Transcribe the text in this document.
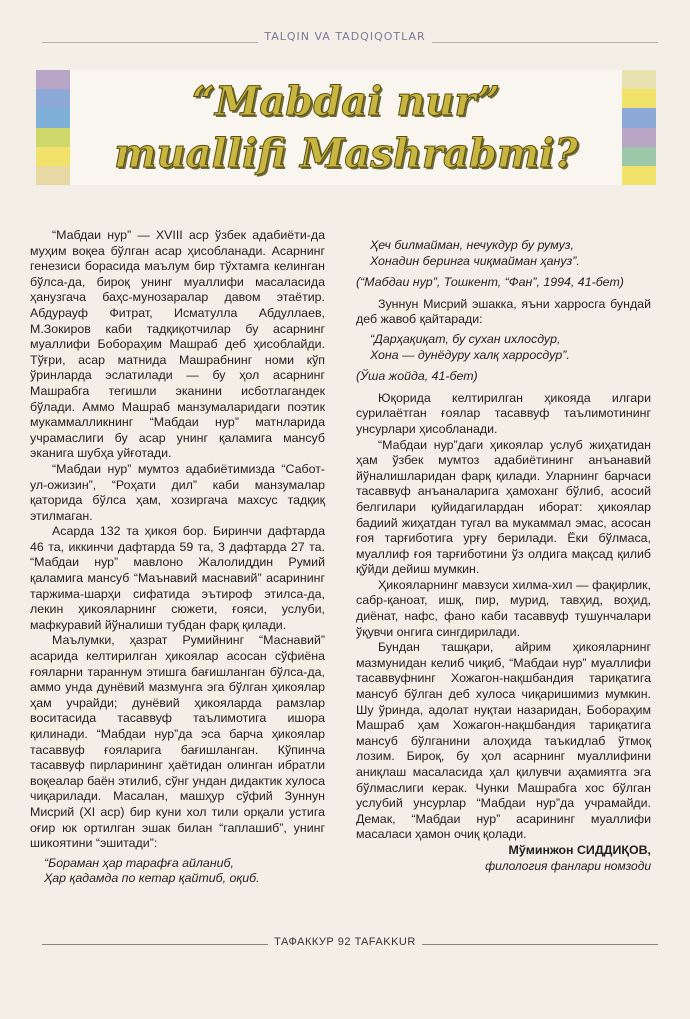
TALQIN VA TADQIQOTLAR
“Mabdai nur”
muallifi Mashrabmi?

“Мабдаи нур” — XVIII аср ўзбек адабиёти-да муҳим воқеа бўлган асар ҳисобланади. Асарнинг генезиси борасида маълум бир тўхтамга келинган бўлса-да, бироқ унинг муаллифи масаласида ҳанузгача баҳс-мунозаралар давом этаётир. Абдурауф Фитрат, Исматулла Абдуллаев, М.Зокиров каби тадқиқотчилар бу асарнинг муаллифи Бобораҳим Машраб деб ҳисоблайди. Тўғри, асар матнида Машрабнинг номи кўп ўринларда эслатилади — бу ҳол асарнинг Машрабга тегишли эканини исботлагандек бўлади. Аммо Машраб манзумаларидаги поэтик мукаммалликнинг “Мабдаи нур” матнларида учрамаслиги бу асар унинг қаламига мансуб эканига шубҳа уйғотади.

“Мабдаи нур” мумтоз адабиётимизда “Сабот-ул-ожизин”, “Роҳати дил” каби манзумалар қаторида бўлса ҳам, хозиргача махсус тадқиқ этилмаган.

Асарда 132 та ҳикоя бор. Биринчи дафтарда 46 та, иккинчи дафтарда 59 та, 3 дафтарда 27 та. “Мабдаи нур” мавлоно Жалолиддин Румий қаламига мансуб “Маънавий маснавий” асарининг таржима-шарҳи сифатида эътироф этилса-да, лекин ҳикояларнинг сюжети, ғояси, услуби, мафкуравий йўналиши тубдан фарқ қилади.

Маълумки, ҳазрат Румийнинг “Маснавий” асарида келтирилган ҳикоялар асосан сўфиёна ғояларни тараннум этишга бағишланган бўлса-да, аммо унда дунёвий мазмунга эга бўлган ҳикоялар ҳам учрайди; дунёвий ҳикояларда рамзлар воситасида тасаввуф таълимотига ишора қилинади. “Мабдаи нур”да эса барча ҳикоялар тасаввуф ғояларига бағишланган. Кўпинча тасаввуф пирларининг ҳаётидан олинган ибратли воқеалар баён этилиб, сўнг ундан дидактик хулоса чиқарилади. Масалан, машҳур сўфий Зуннун Мисрий (XI аср) бир куни хол тили орқали устига оғир юк ортилган эшак билан “гаплашиб”, унинг шикоятини “эшитади”:

“Бораман ҳар тарафға айланиб,
Ҳар қадамда по кетар қайтиб, оқиб.

Ҳеч билмайман, нечукдур бу румуз,
Хонадин беринга чиқмайман ҳануз”.

(“Мабдаи нур”, Тошкент, “Фан”, 1994, 41-бет)

Зуннун Мисрий эшакка, яъни харросга бундай деб жавоб қайтаради:

“Дарҳақиқат, бу сухан ихлосдур,
Хона — дунёдуру халқ харросдур”.

(Ўша жойда, 41-бет)

Юқорида келтирилган ҳикояда илгари сурилаётган ғоялар тасаввуф таълимотининг унсурлари ҳисобланади.

“Мабдаи нур”даги ҳикоялар услуб жиҳатидан ҳам ўзбек мумтоз адабиётининг анъанавий йўналишларидан фарқ қилади. Уларнинг барчаси тасаввуф анъаналарига ҳамоханг бўлиб, асосий белгилари қуйидагилардан иборат: ҳикоялар бадиий жиҳатдан тугал ва мукаммал эмас, асосан ғоя тарғиботига урғу берилади. Ёки бўлмаса, муаллиф ғоя тарғиботини ўз олдига мақсад қилиб қўйди дейиш мумкин.

Ҳикояларнинг мавзуси хилма-хил — фақирлик, сабр-қаноат, ишқ, пир, мурид, тавҳид, воҳид, диёнат, нафс, фано каби тасаввуф тушунчалари ўқувчи онгига сингдирилади.

Бундан ташқари, айрим ҳикояларнинг мазмунидан келиб чиқиб, “Мабдаи нур” муаллифи тасаввуфнинг Хожагон-нақшбандия тариқатига мансуб бўлган деб хулоса чиқаришимиз мумкин. Шу ўринда, адолат нуқтаи назаридан, Бобораҳим Машраб ҳам Хожагон-нақшбандия тариқатига мансуб бўлганини алоҳида таъкидлаб ўтмоқ лозим. Бироқ, бу ҳол асарнинг муаллифини аниқлаш масаласида ҳал қилувчи аҳамиятга эга бўлмаслиги керак. Чунки Машрабга хос бўлган услубий унсурлар “Мабдаи нур”да учрамайди. Демак, “Мабдаи нур” асарининг муаллифи масаласи ҳамон очиқ қолади.

Мўминжон СИДДИҚОВ,

филология фанлари номзоди

ТАФАККУР 92 TAFAKKUR
